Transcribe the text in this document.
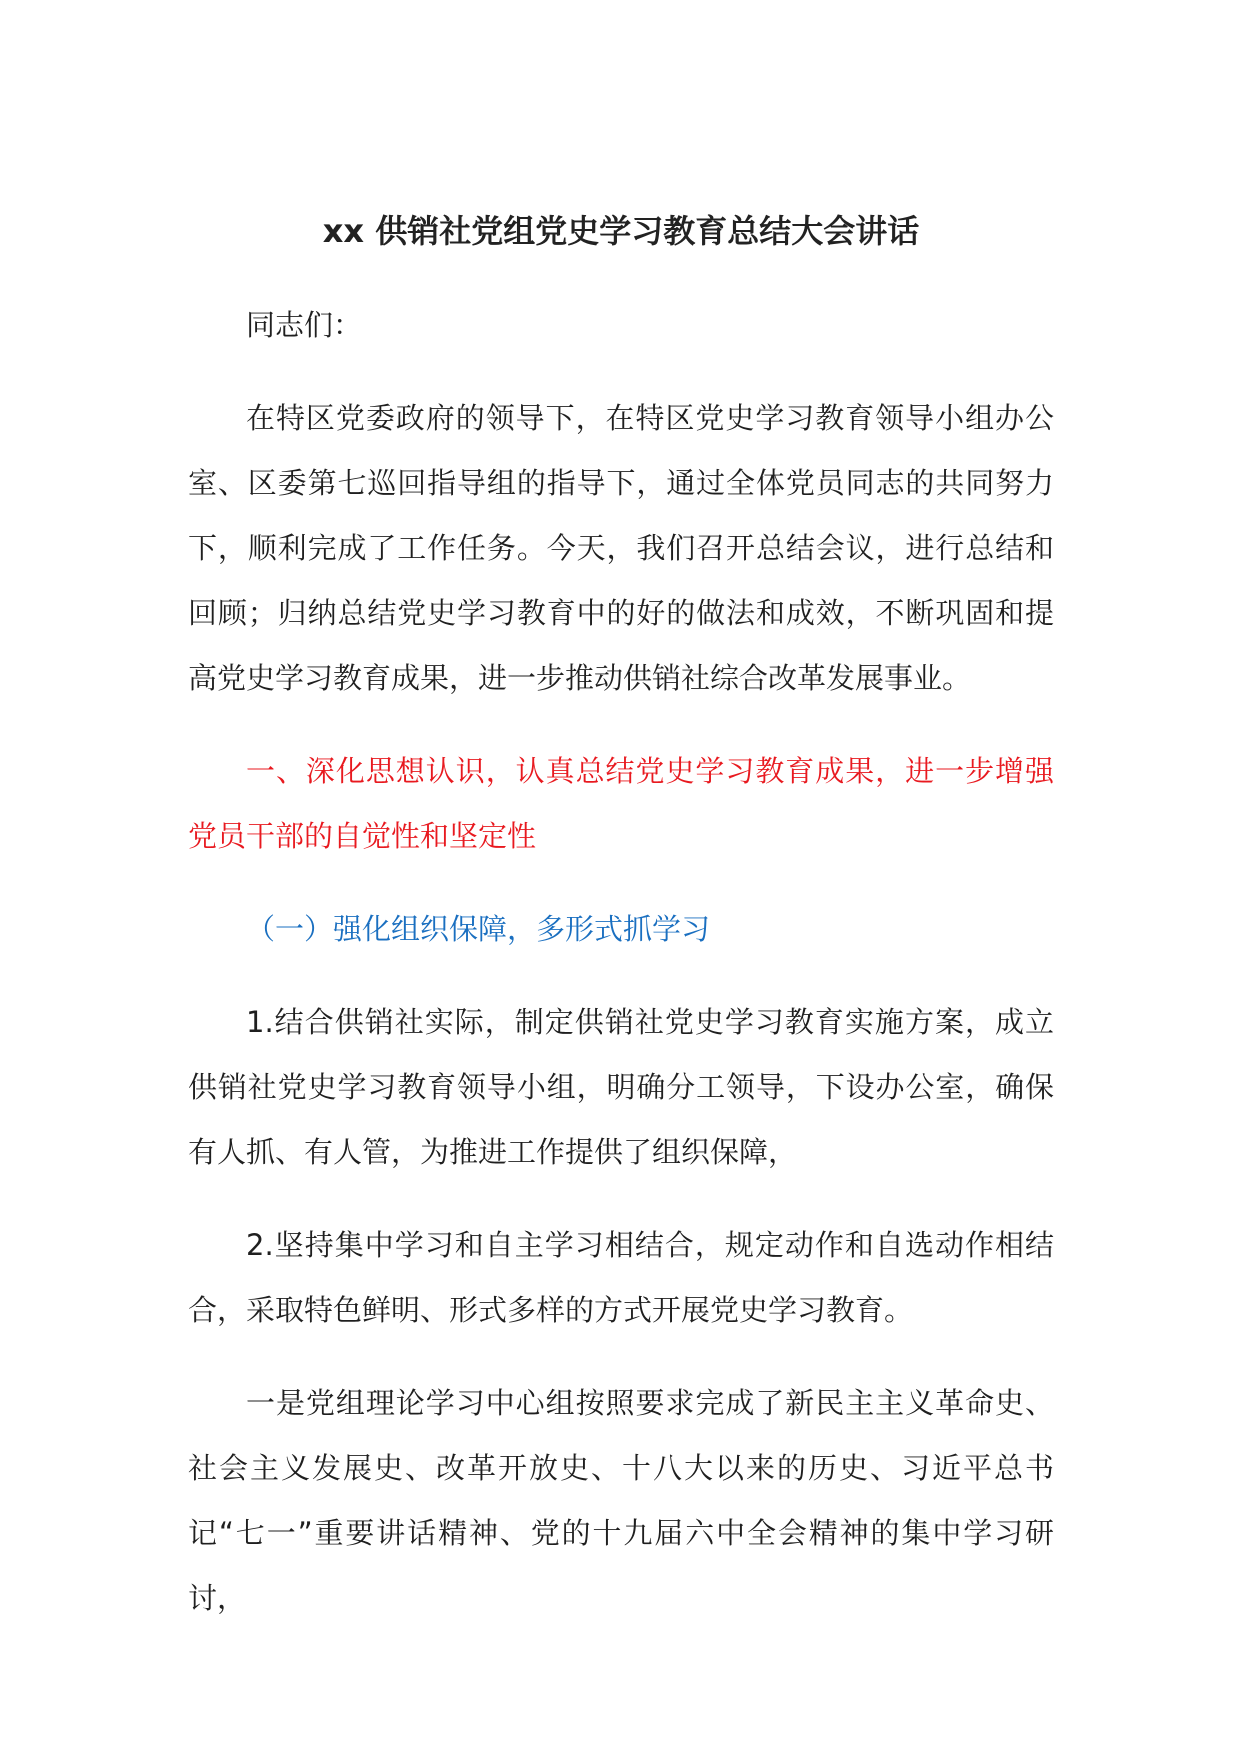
xx 供销社党组党史学习教育总结大会讲话

同志们：

在特区党委政府的领导下，在特区党史学习教育领导小组办公室、区委第七巡回指导组的指导下，通过全体党员同志的共同努力下，顺利完成了工作任务。今天，我们召开总结会议，进行总结和回顾；归纳总结党史学习教育中的好的做法和成效，不断巩固和提高党史学习教育成果，进一步推动供销社综合改革发展事业。

一、深化思想认识，认真总结党史学习教育成果，进一步增强党员干部的自觉性和坚定性

（一）强化组织保障，多形式抓学习

1.结合供销社实际，制定供销社党史学习教育实施方案，成立供销社党史学习教育领导小组，明确分工领导，下设办公室，确保有人抓、有人管，为推进工作提供了组织保障，

2.坚持集中学习和自主学习相结合，规定动作和自选动作相结合，采取特色鲜明、形式多样的方式开展党史学习教育。

一是党组理论学习中心组按照要求完成了新民主主义革命史、社会主义发展史、改革开放史、十八大以来的历史、习近平总书记“七一”重要讲话精神、党的十九届六中全会精神的集中学习研讨，
